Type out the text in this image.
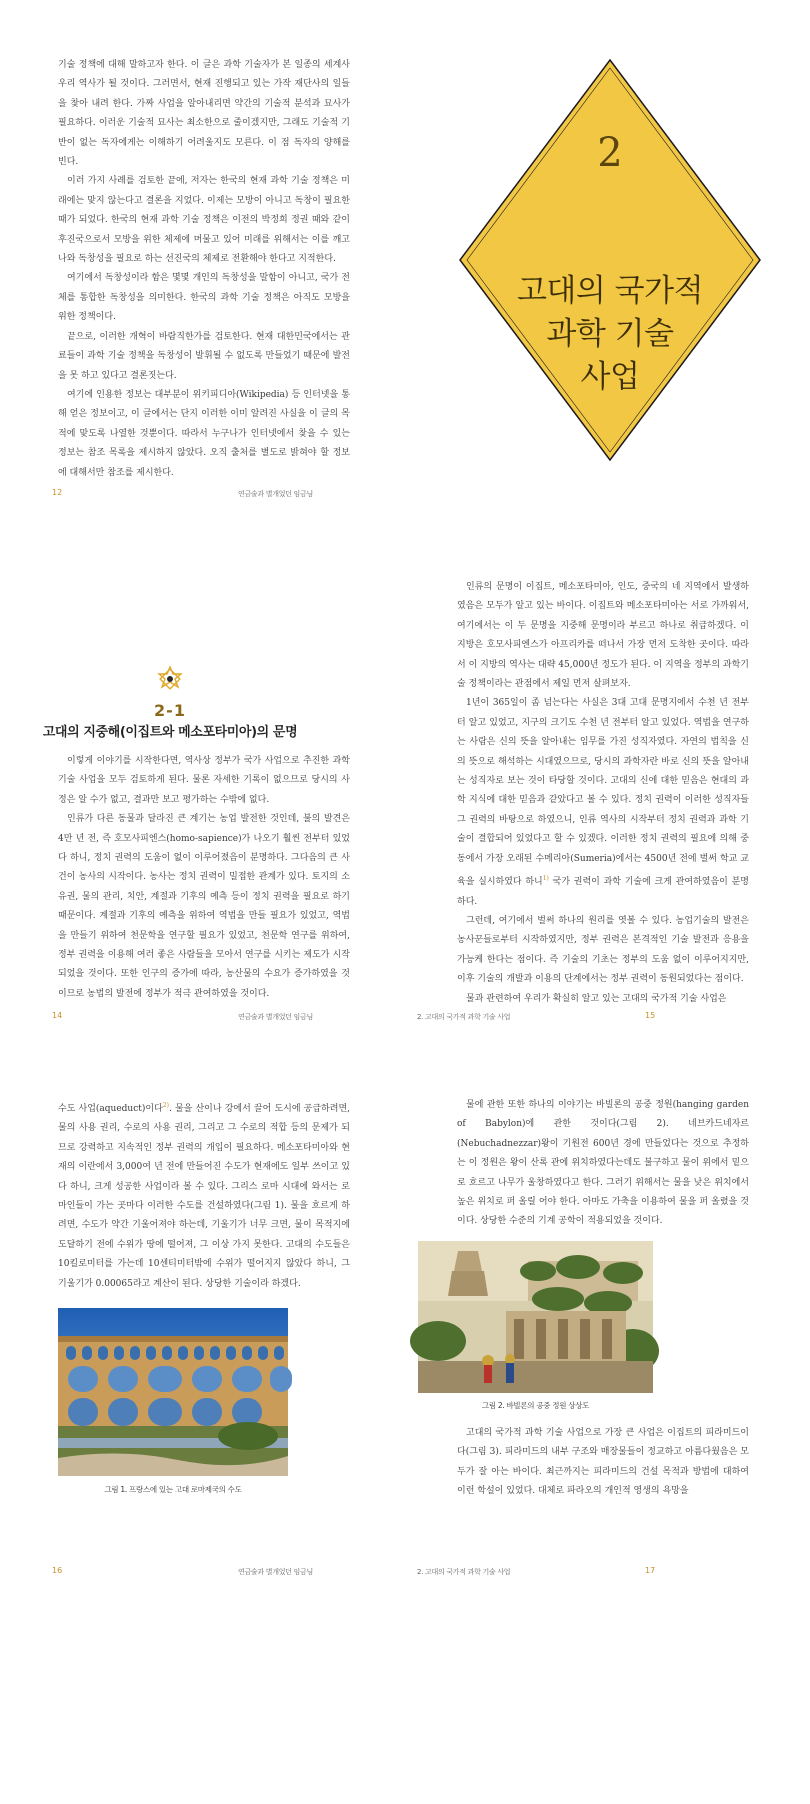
기술 정책에 대해 말하고자 한다. 이 글은 과학 기술자가 본 일종의 세계사 우리 역사가 될 것이다. 그러면서, 현재 진행되고 있는 가작 재단사의 일들을 찾아 내려 한다. 가짜 사업을 알아내리면 약간의 기술적 분석과 묘사가 필요하다. 이러운 기술적 묘사는 최소한으로 줄이겠지만, 그래도 기술적 기반이 없는 독자에게는 이해하기 어려울지도 모른다. 이 점 독자의 양해를 빈다.

이러 가지 사례를 검토한 끝에, 저자는 한국의 현재 과학 기술 정책은 미래에는 맞지 않는다고 결론을 지었다. 이제는 모방이 아니고 독창이 필요한 때가 되었다. 한국의 현재 과학 기술 정책은 이전의 박정희 정권 때와 같이 후진국으로서 모방을 위한 체제에 머물고 있어 미래를 위해서는 이를 깨고 나와 독창성을 필요로 하는 선진국의 체제로 전환해야 한다고 지적한다.

여기에서 독창성이라 함은 몇몇 개인의 독창성을 말함이 아니고, 국가 전체를 통합한 독창성을 의미한다. 한국의 과학 기술 정책은 아직도 모방을 위한 정책이다.

끝으로, 이러한 개혁이 바람직한가를 검토한다. 현재 대한민국에서는 관료들이 과학 기술 정책을 독창성이 발휘될 수 없도록 만들었기 때문에 발전을 못 하고 있다고 결론짓는다.

여기에 인용한 정보는 대부분이 위키피디아(Wikipedia) 등 인터넷을 통해 얻은 정보이고, 이 글에서는 단지 이러한 이미 알려진 사실을 이 글의 목적에 맞도록 나열한 것뿐이다. 따라서 누구나가 인터넷에서 찾을 수 있는 정보는 참조 목록을 제시하지 않았다. 오직 출처를 별도로 밝혀야 할 정보에 대해서만 참조를 제시한다.

12	연금술과 별개었던 임금님
2
고대의 국가적
과학 기술
사업
2-1
고대의 지중해(이집트와 메소포타미아)의 문명

이렇게 이야기를 시작한다면, 역사상 정부가 국가 사업으로 추진한 과학 기술 사업을 모두 검토하게 된다. 물론 자세한 기록이 없으므로 당시의 사정은 알 수가 없고, 결과만 보고 평가하는 수밖에 없다.

인류가 다른 동물과 달라진 큰 계기는 농업 발전한 것인데, 불의 발견은 4만 년 전, 즉 호모사피엔스(homo-sapience)가 나오기 훨씬 전부터 있었다 하니, 정치 권력의 도움이 없이 이루어졌음이 분명하다. 그다음의 큰 사건이 농사의 시작이다. 농사는 정치 권력이 밀접한 관계가 있다. 토지의 소유권, 물의 관리, 치안, 계절과 기후의 예측 등이 정치 권력을 필요로 하기 때문이다. 계절과 기후의 예측을 위하여 역법을 만들 필요가 있었고, 역법을 만들기 위하여 천문학을 연구할 필요가 있었고, 천문학 연구를 위하여, 정부 권력을 이용해 여러 좋은 사람들을 모아서 연구를 시키는 제도가 시작되었을 것이다. 또한 인구의 증가에 따라, 농산물의 수요가 증가하였을 것이므로 농법의 발전에 정부가 적극 관여하였을 것이다.

14	연금술과 별개었던 임금님

인류의 문명이 이집트, 메소포타미아, 인도, 중국의 네 지역에서 발생하였음은 모두가 알고 있는 바이다. 이집트와 메소포타미아는 서로 가까워서, 여기에서는 이 두 문명을 지중해 문명이라 부르고 하나로 취급하겠다. 이 지방은 호모사피엔스가 아프리카를 떠나서 가장 먼저 도착한 곳이다. 따라서 이 지방의 역사는 대략 45,000년 정도가 된다. 이 지역을 정부의 과학기술 정책이라는 관점에서 제일 먼저 살펴보자.

1년이 365일이 좀 넘는다는 사실은 3대 고대 문명지에서 수천 년 전부터 알고 있었고, 지구의 크기도 수천 년 전부터 알고 있었다. 역법을 연구하는 사람은 신의 뜻을 알아내는 임무를 가진 성직자였다. 자연의 법칙을 신의 뜻으로 해석하는 시대였으므로, 당시의 과학자란 바로 신의 뜻을 알아내는 성직자로 보는 것이 타당할 것이다. 고대의 신에 대한 믿음은 현대의 과학 지식에 대한 믿음과 같았다고 볼 수 있다. 정치 권력이 이러한 성직자들 그 권력의 바탕으로 하였으니, 인류 역사의 시작부터 정치 권력과 과학 기술이 결합되어 있었다고 할 수 있겠다. 이러한 정치 권력의 필요에 의해 중동에서 가장 오래된 수메리아(Sumeria)에서는 4500년 전에 벌써 학교 교육을 실시하였다 하니$^{1)}$ 국가 권력이 과학 기술에 크게 관여하였음이 분명하다.

그런데, 여기에서 벌써 하나의 원리를 엿볼 수 있다. 농업기술의 발전은 농사꾼들로부터 시작하였지만, 정부 권력은 본격적인 기술 발전과 응용을 가능케 한다는 점이다. 즉 기술의 기초는 정부의 도움 없이 이루어지지만, 이후 기술의 개발과 이용의 단계에서는 정부 권력이 동원되었다는 점이다.

물과 관련하여 우리가 확실히 알고 있는 고대의 국가적 기술 사업은

2. 고대의 국가적 과학 기술 사업	15

수도 사업(aqueduct)이다$^{2)}$. 물을 산이나 강에서 끌어 도시에 공급하려면, 물의 사용 권리, 수로의 사용 권리, 그리고 그 수로의 적합 등의 문제가 되므로 강력하고 지속적인 정부 권력의 개입이 필요하다. 메소포타미아와 현재의 이란에서 3,000여 년 전에 만들어진 수도가 현재에도 일부 쓰이고 있다 하니, 크게 성공한 사업이라 볼 수 있다. 그리스 로마 시대에 와서는 로마인들이 가는 곳마다 이러한 수도를 건설하였다(그림 1). 물을 흐르게 하려면, 수도가 약간 기울어져야 하는데, 기울기가 너무 크면, 물이 목적지에 도달하기 전에 수위가 땅에 떨어져, 그 이상 가지 못한다. 고대의 수도들은 10킬로미터를 가는데 10센티미터밖에 수위가 떨어지지 않았다 하니, 그 기울기가 0.00065라고 계산이 된다. 상당한 기술이라 하겠다.

그림 1. 프랑스에 있는 고대 로마제국의 수도
16	연금술과 별개었던 임금님

물에 관한 또한 하나의 이야기는 바빌론의 공중 정원(hanging garden of Babylon)에 관한 것이다(그림 2). 네브카드네자르(Nebuchadnezzar)왕이 기원전 600년 경에 만들었다는 것으로 추정하는 이 정원은 왕이 산록 관에 위치하였다는데도 불구하고 물이 위에서 밑으로 흐르고 나무가 울창하였다고 한다. 그러기 위해서는 물을 낮은 위치에서 높은 위치로 퍼 올릴 어야 한다. 아마도 가축을 이용하여 물을 퍼 올렸을 것이다. 상당한 수준의 기계 공학이 적용되었을 것이다.

그림 2. 바빌론의 공중 정원 상상도

고대의 국가적 과학 기술 사업으로 가장 큰 사업은 이집트의 피라미드이다(그림 3). 피라미드의 내부 구조와 매장물들이 정교하고 아름다웠음은 모두가 잘 아는 바이다. 최근까지는 피라미드의 건설 목적과 방법에 대하여 이런 학설이 있었다. 대체로 파라오의 개인적 영생의 욕망을

2. 고대의 국가적 과학 기술 사업	17
